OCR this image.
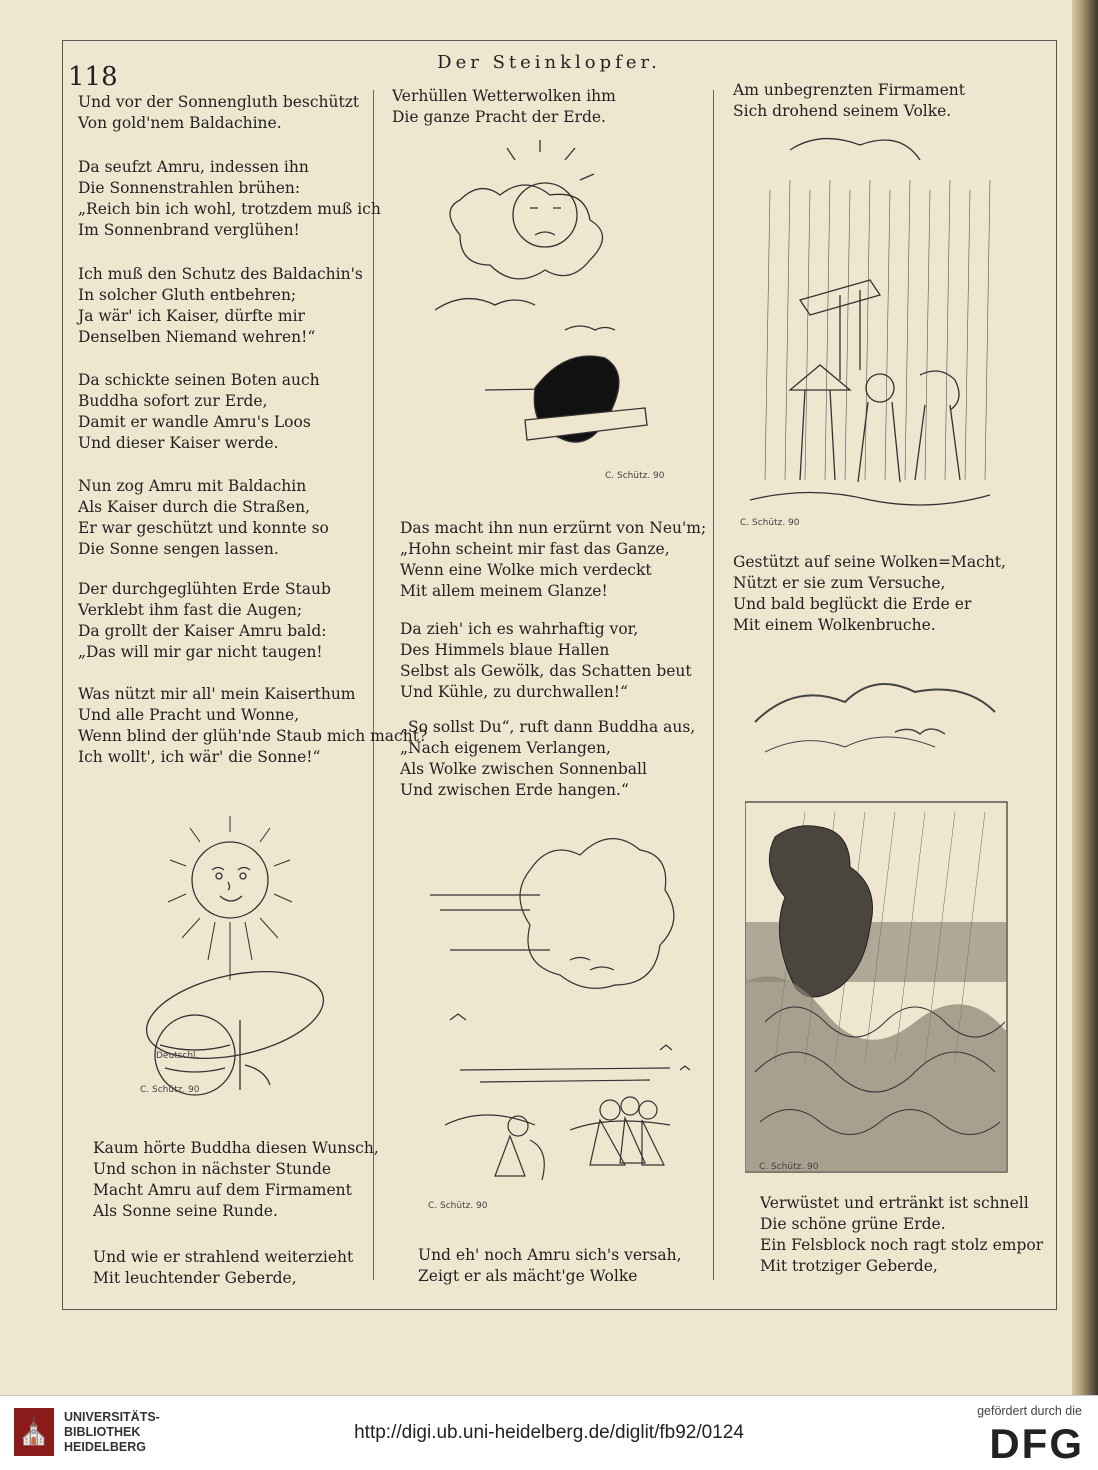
118	Der Steinklopfer.
Und vor der Sonnengluth beschützt
Von gold'nem Baldachine.
Da seufzt Amru, indessen ihn
Die Sonnenstrahlen brühen:
„Reich bin ich wohl, trotzdem muß ich
Im Sonnenbrand verglühen!
Ich muß den Schutz des Baldachin's
In solcher Gluth entbehren;
Ja wär' ich Kaiser, dürfte mir
Denselben Niemand wehren!“
Da schickte seinen Boten auch
Buddha sofort zur Erde,
Damit er wandle Amru's Loos
Und dieser Kaiser werde.
Nun zog Amru mit Baldachin
Als Kaiser durch die Straßen,
Er war geschützt und konnte so
Die Sonne sengen lassen.
Der durchgeglühten Erde Staub
Verklebt ihm fast die Augen;
Da grollt der Kaiser Amru bald:
„Das will mir gar nicht taugen!
Was nützt mir all' mein Kaiserthum
Und alle Pracht und Wonne,
Wenn blind der glüh'nde Staub mich macht?
Ich wollt', ich wär' die Sonne!“
C. Schütz. 90
Deutschl.
Kaum hörte Buddha diesen Wunsch,
Und schon in nächster Stunde
Macht Amru auf dem Firmament
Als Sonne seine Runde.
Und wie er strahlend weiterzieht
Mit leuchtender Geberde,
Verhüllen Wetterwolken ihm
Die ganze Pracht der Erde.
C. Schütz. 90
Das macht ihn nun erzürnt von Neu'm;
„Hohn scheint mir fast das Ganze,
Wenn eine Wolke mich verdeckt
Mit allem meinem Glanze!
Da zieh' ich es wahrhaftig vor,
Des Himmels blaue Hallen
Selbst als Gewölk, das Schatten beut
Und Kühle, zu durchwallen!“
„So sollst Du“, ruft dann Buddha aus,
„Nach eigenem Verlangen,
Als Wolke zwischen Sonnenball
Und zwischen Erde hangen.“
C. Schütz. 90
Und eh' noch Amru sich's versah,
Zeigt er als mächt'ge Wolke
Am unbegrenzten Firmament
Sich drohend seinem Volke.
C. Schütz. 90
Gestützt auf seine Wolken=Macht,
Nützt er sie zum Versuche,
Und bald beglückt die Erde er
Mit einem Wolkenbruche.
C. Schütz. 90
Verwüstet und ertränkt ist schnell
Die schöne grüne Erde.
Ein Felsblock noch ragt stolz empor
Mit trotziger Geberde,
⛪	UNIVERSITÄTS-
BIBLIOTHEK
HEIDELBERG
http://digi.ub.uni-heidelberg.de/diglit/fb92/0124
gefördert durch die
DFG
